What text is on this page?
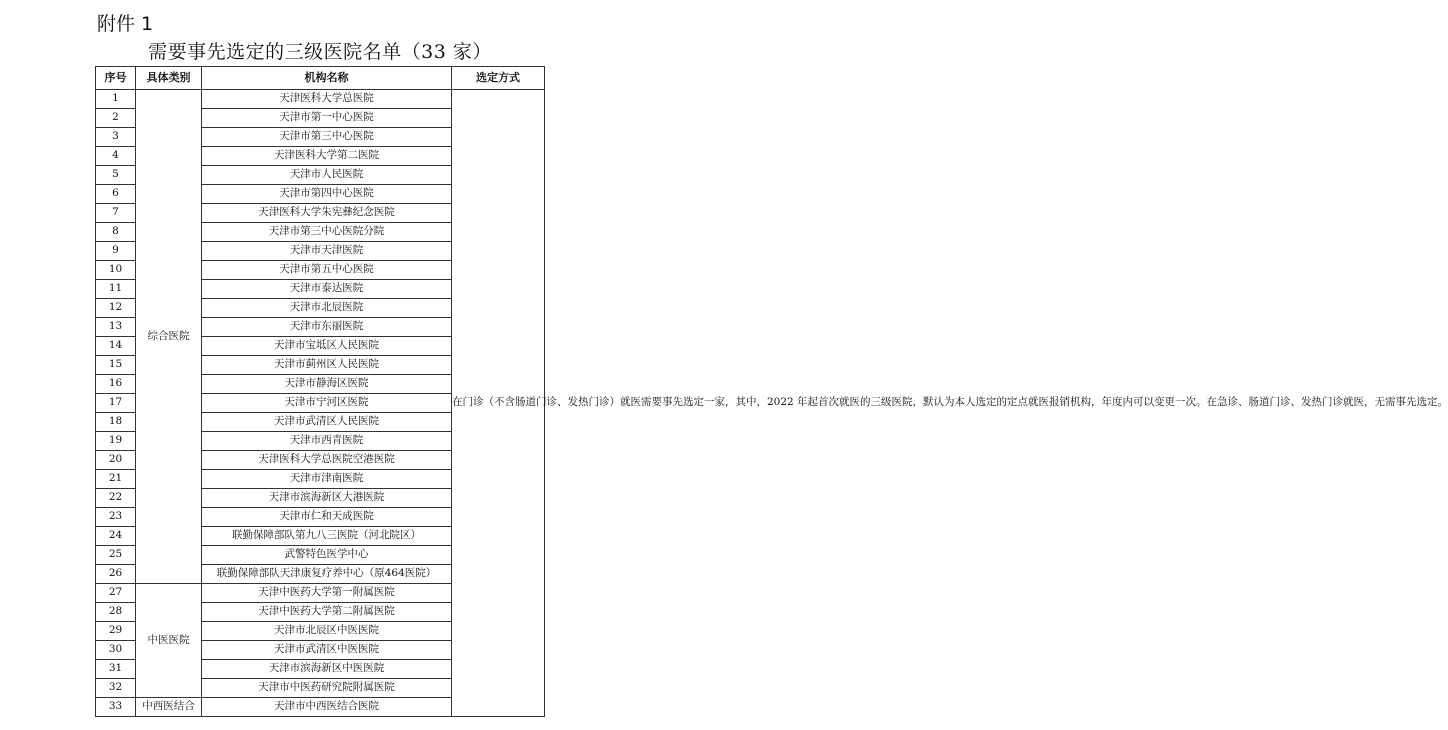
附件 1
需要事先选定的三级医院名单（33 家）
序号	具体类别	机构名称	选定方式
1	综合医院	天津医科大学总医院	在门诊（不含肠道门诊、发热门诊）就医需要事先选定一家，其中，2022 年起首次就医的三级医院，默认为本人选定的定点就医报销机构，年度内可以变更一次。在急诊、肠道门诊、发热门诊就医，无需事先选定。
2		天津市第一中心医院	
3		天津市第三中心医院	
4		天津医科大学第二医院	
5		天津市人民医院	
6		天津市第四中心医院	
7		天津医科大学朱宪彝纪念医院	
8		天津市第三中心医院分院	
9		天津市天津医院	
10		天津市第五中心医院	
11		天津市泰达医院	
12		天津市北辰医院	
13		天津市东丽医院	
14		天津市宝坻区人民医院	
15		天津市蓟州区人民医院	
16		天津市静海区医院	
17		天津市宁河区医院	
18		天津市武清区人民医院	
19		天津市西青医院	
20		天津医科大学总医院空港医院	
21		天津市津南医院	
22		天津市滨海新区大港医院	
23		天津市仁和天成医院	
24		联勤保障部队第九八三医院（河北院区）	
25		武警特色医学中心	
26		联勤保障部队天津康复疗养中心（原464医院）	
27	中医医院	天津中医药大学第一附属医院	
28		天津中医药大学第二附属医院	
29		天津市北辰区中医医院	
30		天津市武清区中医医院	
31		天津市滨海新区中医医院	
32		天津市中医药研究院附属医院	
33	中西医结合	天津市中西医结合医院	
